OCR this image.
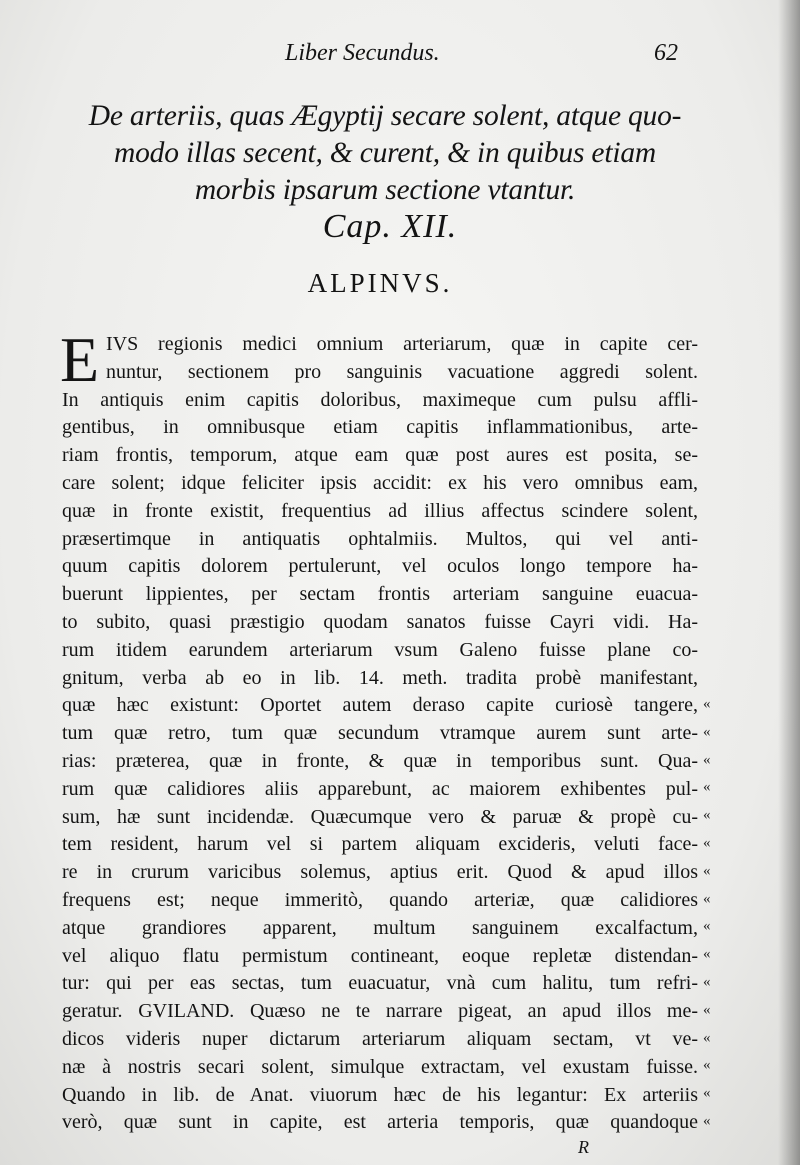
Liber Secundus.	62
De arteriis, quas Ægyptij secare solent, atque quo-
modo illas secent, & curent, & in quibus etiam
morbis ipsarum sectione vtantur.
Cap. XII.
ALPINVS.
E IVS regionis medici omnium arteriarum, quæ in capite cer-
nuntur, sectionem pro sanguinis vacuatione aggredi solent.
In antiquis enim capitis doloribus, maximeque cum pulsu affli-
gentibus, in omnibusque etiam capitis inflammationibus, arte-
riam frontis, temporum, atque eam quæ post aures est posita, se-
care solent; idque feliciter ipsis accidit: ex his vero omnibus eam,
quæ in fronte existit, frequentius ad illius affectus scindere solent,
præsertimque in antiquatis ophtalmiis. Multos, qui vel anti-
quum capitis dolorem pertulerunt, vel oculos longo tempore ha-
buerunt lippientes, per sectam frontis arteriam sanguine euacua-
to subito, quasi præstigio quodam sanatos fuisse Cayri vidi. Ha-
rum itidem earundem arteriarum vsum Galeno fuisse plane co-
gnitum, verba ab eo in lib. 14. meth. tradita probè manifestant,
quæ hæc existunt: Oportet autem deraso capite curiosè tangere,
tum quæ retro, tum quæ secundum vtramque aurem sunt arte-
rias: præterea, quæ in fronte, & quæ in temporibus sunt. Qua-
rum quæ calidiores aliis apparebunt, ac maiorem exhibentes pul-
sum, hæ sunt incidendæ. Quæcumque vero & paruæ & propè cu-
tem resident, harum vel si partem aliquam excideris, veluti face-
re in crurum varicibus solemus, aptius erit. Quod & apud illos
frequens est; neque immeritò, quando arteriæ, quæ calidiores
atque grandiores apparent, multum sanguinem excalfactum,
vel aliquo flatu permistum contineant, eoque repletæ distendan-
tur: qui per eas sectas, tum euacuatur, vnà cum halitu, tum refri-
geratur. GVILAND. Quæso ne te narrare pigeat, an apud illos me-
dicos videris nuper dictarum arteriarum aliquam sectam, vt ve-
næ à nostris secari solent, simulque extractam, vel exustam fuisse.
Quando in lib. de Anat. viuorum hæc de his legantur: Ex arteriis
verò, quæ sunt in capite, est arteria temporis, quæ quandoque
«
«
«
«
«
«
«
«
«
«
«
«
«
«
«
«
R
